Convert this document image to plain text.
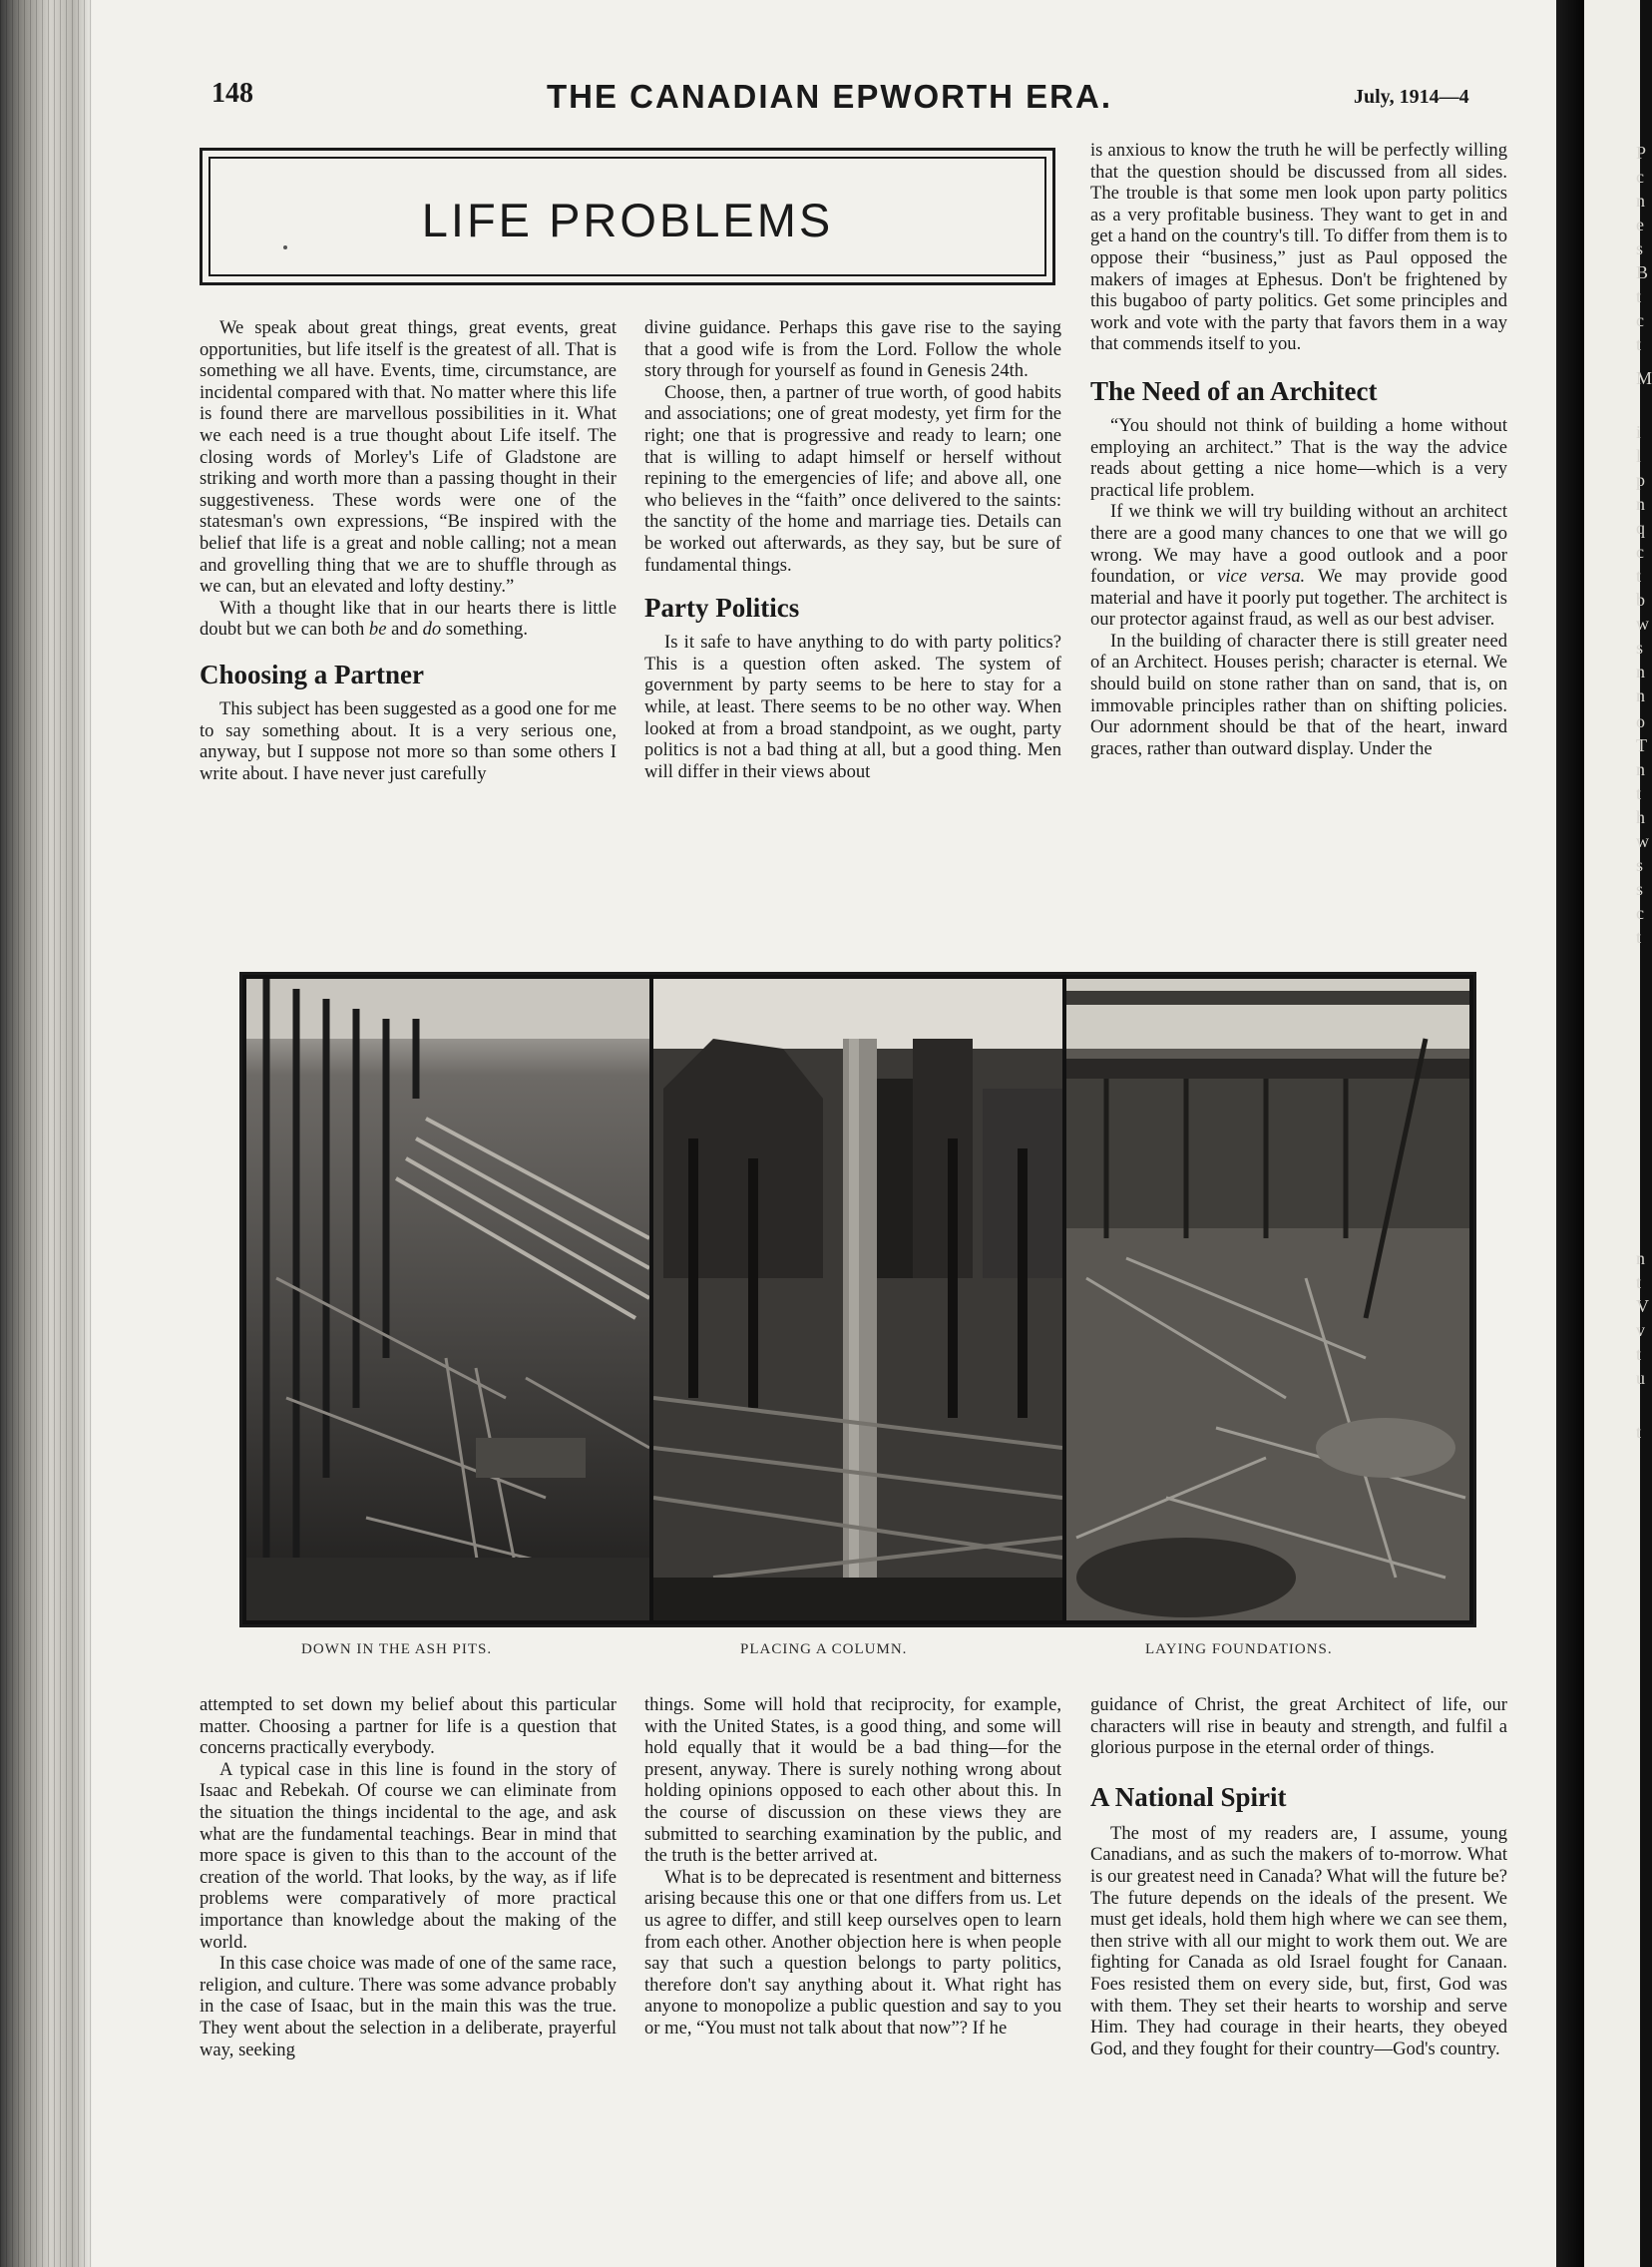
P
c
n
e
s
B
t
c
t
M
i
l
p
n
q
c
t
b
w
s
n
n
o
T
n
t
h
w
s
s
c
t
n
t
V
v
t
u
t
148	THE CANADIAN EPWORTH ERA.	July, 1914—4
LIFE PROBLEMS

We speak about great things, great events, great opportunities, but life itself is the greatest of all. That is something we all have. Events, time, circumstance, are incidental compared with that. No matter where this life is found there are marvellous possibilities in it. What we each need is a true thought about Life itself. The closing words of Morley's Life of Gladstone are striking and worth more than a passing thought in their suggestiveness. These words were one of the statesman's own expressions, “Be inspired with the belief that life is a great and noble calling; not a mean and grovelling thing that we are to shuffle through as we can, but an elevated and lofty destiny.”

With a thought like that in our hearts there is little doubt but we can both be and do something.

Choosing a Partner

This subject has been suggested as a good one for me to say something about. It is a very serious one, anyway, but I suppose not more so than some others I write about. I have never just carefully

divine guidance. Perhaps this gave rise to the saying that a good wife is from the Lord. Follow the whole story through for yourself as found in Genesis 24th.

Choose, then, a partner of true worth, of good habits and associations; one of great modesty, yet firm for the right; one that is progressive and ready to learn; one that is willing to adapt himself or herself without repining to the emergencies of life; and above all, one who believes in the “faith” once delivered to the saints: the sanctity of the home and marriage ties. Details can be worked out afterwards, as they say, but be sure of fundamental things.

Party Politics

Is it safe to have anything to do with party politics? This is a question often asked. The system of government by party seems to be here to stay for a while, at least. There seems to be no other way. When looked at from a broad standpoint, as we ought, party politics is not a bad thing at all, but a good thing. Men will differ in their views about

is anxious to know the truth he will be perfectly willing that the question should be discussed from all sides. The trouble is that some men look upon party politics as a very profitable business. They want to get in and get a hand on the country's till. To differ from them is to oppose their “business,” just as Paul opposed the makers of images at Ephesus. Don't be frightened by this bugaboo of party politics. Get some principles and work and vote with the party that favors them in a way that commends itself to you.

The Need of an Architect

“You should not think of building a home without employing an architect.” That is the way the advice reads about getting a nice home—which is a very practical life problem.

If we think we will try building without an architect there are a good many chances to one that we will go wrong. We may have a good outlook and a poor foundation, or vice versa. We may provide good material and have it poorly put together. The architect is our protector against fraud, as well as our best adviser.

In the building of character there is still greater need of an Architect. Houses perish; character is eternal. We should build on stone rather than on sand, that is, on immovable principles rather than on shifting policies. Our adornment should be that of the heart, inward graces, rather than outward display. Under the

DOWN IN THE ASH PITS.	PLACING A COLUMN.	LAYING FOUNDATIONS.

attempted to set down my belief about this particular matter. Choosing a partner for life is a question that concerns practically everybody.

A typical case in this line is found in the story of Isaac and Rebekah. Of course we can eliminate from the situation the things incidental to the age, and ask what are the fundamental teachings. Bear in mind that more space is given to this than to the account of the creation of the world. That looks, by the way, as if life problems were comparatively of more practical importance than knowledge about the making of the world.

In this case choice was made of one of the same race, religion, and culture. There was some advance probably in the case of Isaac, but in the main this was the true. They went about the selection in a deliberate, prayerful way, seeking

things. Some will hold that reciprocity, for example, with the United States, is a good thing, and some will hold equally that it would be a bad thing—for the present, anyway. There is surely nothing wrong about holding opinions opposed to each other about this. In the course of discussion on these views they are submitted to searching examination by the public, and the truth is the better arrived at.

What is to be deprecated is resentment and bitterness arising because this one or that one differs from us. Let us agree to differ, and still keep ourselves open to learn from each other. Another objection here is when people say that such a question belongs to party politics, therefore don't say anything about it. What right has anyone to monopolize a public question and say to you or me, “You must not talk about that now”? If he

guidance of Christ, the great Architect of life, our characters will rise in beauty and strength, and fulfil a glorious purpose in the eternal order of things.

A National Spirit

The most of my readers are, I assume, young Canadians, and as such the makers of to-morrow. What is our greatest need in Canada? What will the future be? The future depends on the ideals of the present. We must get ideals, hold them high where we can see them, then strive with all our might to work them out. We are fighting for Canada as old Israel fought for Canaan. Foes resisted them on every side, but, first, God was with them. They set their hearts to worship and serve Him. They had courage in their hearts, they obeyed God, and they fought for their country—God's country.
